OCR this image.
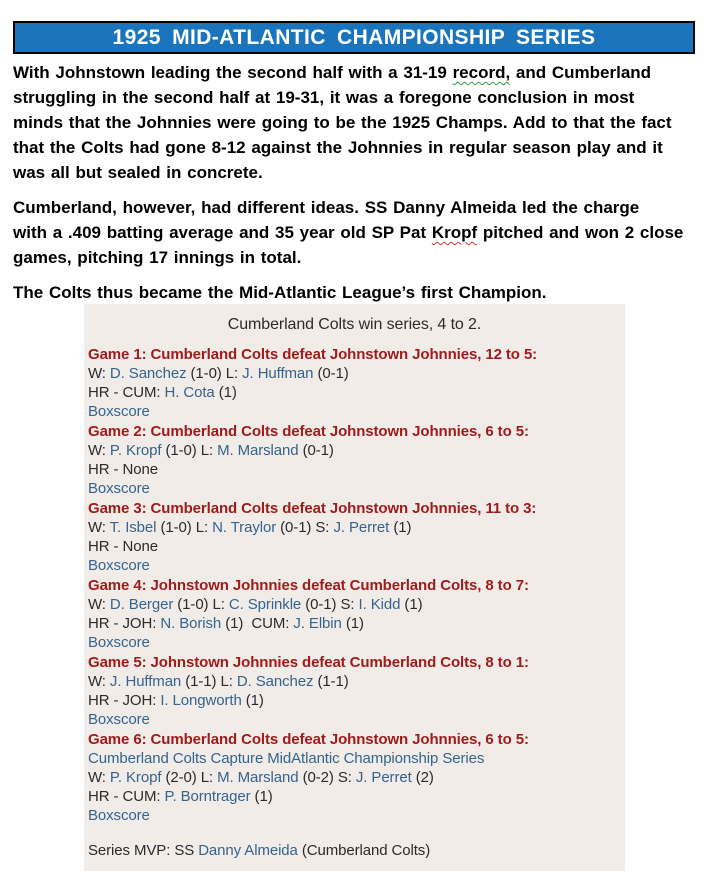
1925 MID-ATLANTIC CHAMPIONSHIP SERIES
With Johnstown leading the second half with a 31-19 record, and Cumberland
struggling in the second half at 19-31, it was a foregone conclusion in most
minds that the Johnnies were going to be the 1925 Champs. Add to that the fact
that the Colts had gone 8-12 against the Johnnies in regular season play and it
was all but sealed in concrete.
Cumberland, however, had different ideas. SS Danny Almeida led the charge
with a .409 batting average and 35 year old SP Pat Kropf pitched and won 2 close
games, pitching 17 innings in total.
The Colts thus became the Mid-Atlantic League’s first Champion.
Cumberland Colts win series, 4 to 2.
Game 1: Cumberland Colts defeat Johnstown Johnnies, 12 to 5:
W: D. Sanchez (1-0) L: J. Huffman (0-1)
HR - CUM: H. Cota (1)
Boxscore
Game 2: Cumberland Colts defeat Johnstown Johnnies, 6 to 5:
W: P. Kropf (1-0) L: M. Marsland (0-1)
HR - None
Boxscore
Game 3: Cumberland Colts defeat Johnstown Johnnies, 11 to 3:
W: T. Isbel (1-0) L: N. Traylor (0-1) S: J. Perret (1)
HR - None
Boxscore
Game 4: Johnstown Johnnies defeat Cumberland Colts, 8 to 7:
W: D. Berger (1-0) L: C. Sprinkle (0-1) S: I. Kidd (1)
HR - JOH: N. Borish (1)  CUM: J. Elbin (1)
Boxscore
Game 5: Johnstown Johnnies defeat Cumberland Colts, 8 to 1:
W: J. Huffman (1-1) L: D. Sanchez (1-1)
HR - JOH: I. Longworth (1)
Boxscore
Game 6: Cumberland Colts defeat Johnstown Johnnies, 6 to 5:
Cumberland Colts Capture MidAtlantic Championship Series
W: P. Kropf (2-0) L: M. Marsland (0-2) S: J. Perret (2)
HR - CUM: P. Borntrager (1)
Boxscore
Series MVP: SS Danny Almeida (Cumberland Colts)
